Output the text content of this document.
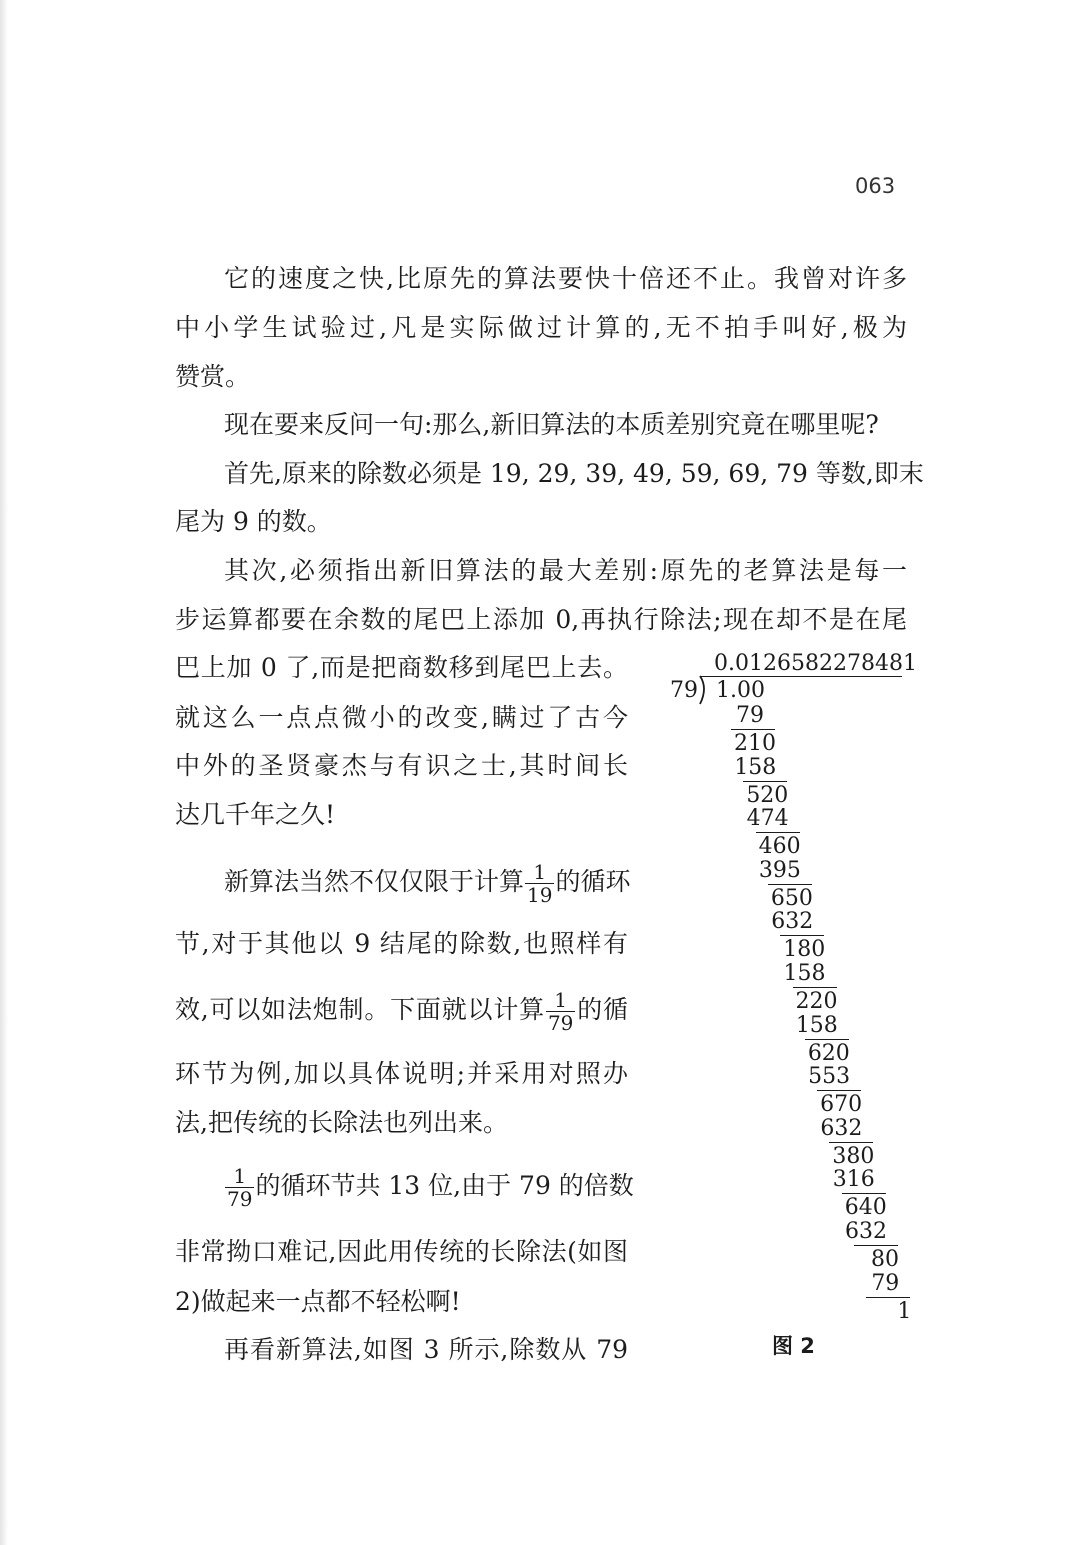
063
它的速度之快,比原先的算法要快十倍还不止。我曾对许多
中小学生试验过,凡是实际做过计算的,无不拍手叫好,极为
赞赏。
现在要来反问一句:那么,新旧算法的本质差别究竟在哪里呢?
首先,原来的除数必须是 19, 29, 39, 49, 59, 69, 79 等数,即末
尾为 9 的数。
其次,必须指出新旧算法的最大差别:原先的老算法是每一
步运算都要在余数的尾巴上添加 0,再执行除法;现在却不是在尾
巴上加 0 了,而是把商数移到尾巴上去。
就这么一点点微小的改变,瞒过了古今
中外的圣贤豪杰与有识之士,其时间长
达几千年之久!
新算法当然不仅仅限于计算 $\frac{1}{19}$ 的循环
节,对于其他以 9 结尾的除数,也照样有
效,可以如法炮制。下面就以计算 $\frac{1}{79}$ 的循
环节为例,加以具体说明;并采用对照办
法,把传统的长除法也列出来。
$\frac{1}{79}$ 的循环节共 13 位,由于 79 的倍数
非常拗口难记,因此用传统的长除法(如图
2)做起来一点都不轻松啊!
再看新算法,如图 3 所示,除数从 79
0.0126582278481
79 1.00
79
210
158
520
474
460
395
650
632
180
158
220
158
620
553
670
632
380
316
640
632
80
79
1
图 2
